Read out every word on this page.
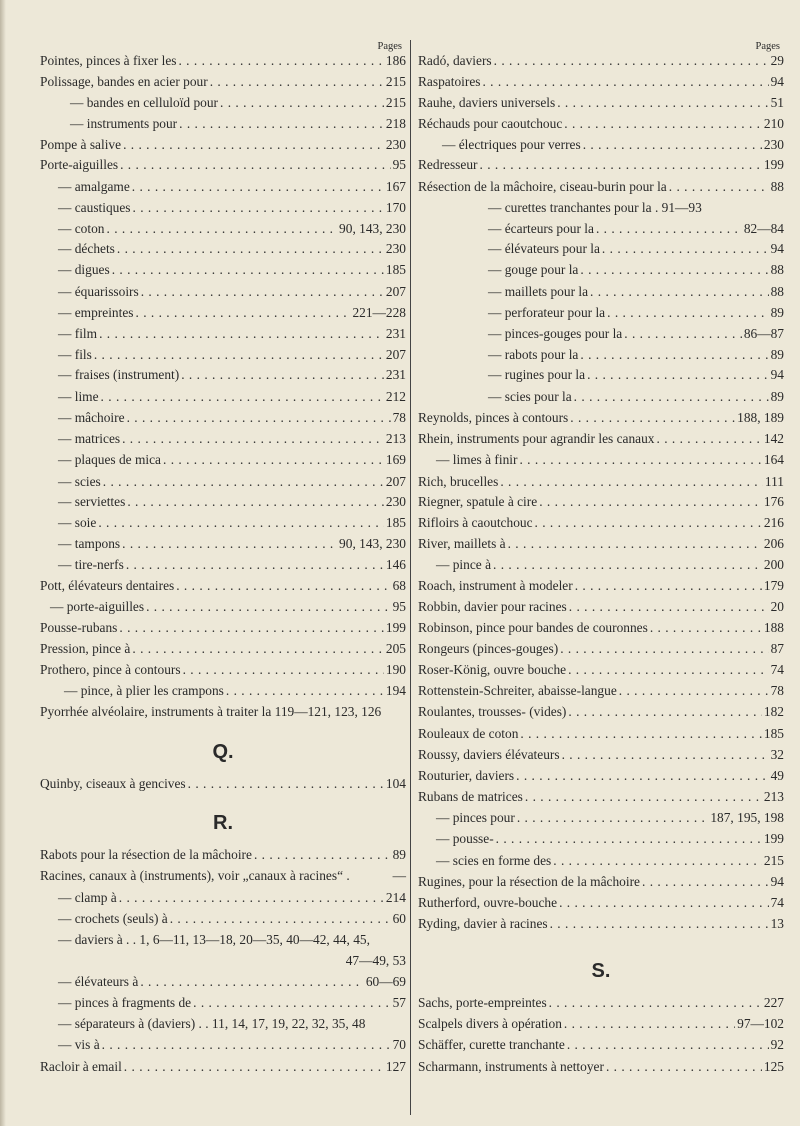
Pages
Pointes, pinces à fixer les . . .	186
Polissage, bandes en acier pour . . .	215
— bandes en celluloïd pour . . .	215
— instruments pour . . .	218
Pompe à salive . . .	230
Porte-aiguilles . . .	95
— amalgame . . .	167
— caustiques . . .	170
— coton . . .	90, 143, 230
— déchets . . .	230
— digues . . .	185
— équarissoirs . . .	207
— empreintes . . .	221—228
— film . . .	231
— fils . . .	207
— fraises (instrument) . . .	231
— lime . . .	212
— mâchoire . . .	78
— matrices . . .	213
— plaques de mica . . .	169
— scies . . .	207
— serviettes . . .	230
— soie . . .	185
— tampons . . .	90, 143, 230
— tire-nerfs . . .	146
Pott, élévateurs dentaires . . .	68
— porte-aiguilles . . .	95
Pousse-rubans . . .	199
Pression, pince à . . .	205
Prothero, pince à contours . . .	190
— pince, à plier les crampons . . .	194
Pyorrhée alvéolaire, instruments à traiter la 119—121, 123, 126
Quinby, ciseaux à gencives . . .	104
Rabots pour la résection de la mâchoire . . .	89
Racines, canaux à (instruments), voir „canaux à racines“ .	—
— clamp à . . .	214
— crochets (seuls) à . . .	60
— daviers à . . 1, 6—11, 13—18, 20—35, 40—42, 44, 45,
47—49, 53
— élévateurs à . . .	60—69
— pinces à fragments de . . .	57
— séparateurs à (daviers) . . 11, 14, 17, 19, 22, 32, 35, 48
— vis à . . .	70
Racloir à email . . .	127
Q.
R.
Pages
Radó, daviers . . .	29
Raspatoires . . .	94
Rauhe, daviers universels . . .	51
Réchauds pour caoutchouc . . .	210
— électriques pour verres . . .	230
Redresseur . . .	199
Résection de la mâchoire, ciseau-burin pour la . . .	88
— curettes tranchantes pour la . 91—93
— écarteurs pour la . . .	82—84
— élévateurs pour la . . .	94
— gouge pour la . . .	88
— maillets pour la . . .	88
— perforateur pour la . . .	89
— pinces-gouges pour la . . .	86—87
— rabots pour la . . .	89
— rugines pour la . . .	94
— scies pour la . . .	89
Reynolds, pinces à contours . . .	188, 189
Rhein, instruments pour agrandir les canaux . . .	142
— limes à finir . . .	164
Rich, brucelles . . .	111
Riegner, spatule à cire . . .	176
Rifloirs à caoutchouc . . .	216
River, maillets à . . .	206
— pince à . . .	200
Roach, instrument à modeler . . .	179
Robbin, davier pour racines . . .	20
Robinson, pince pour bandes de couronnes . . .	188
Rongeurs (pinces-gouges) . . .	87
Roser-König, ouvre bouche . . .	74
Rottenstein-Schreiter, abaisse-langue . . .	78
Roulantes, trousses- (vides) . . .	182
Rouleaux de coton . . .	185
Roussy, daviers élévateurs . . .	32
Routurier, daviers . . .	49
Rubans de matrices . . .	213
— pinces pour . . .	187, 195, 198
— pousse- . . .	199
— scies en forme des . . .	215
Rugines, pour la résection de la mâchoire . . .	94
Rutherford, ouvre-bouche . . .	74
Ryding, davier à racines . . .	13
Sachs, porte-empreintes . . .	227
Scalpels divers à opération . . .	97—102
Schäffer, curette tranchante . . .	92
Scharmann, instruments à nettoyer . . .	125
S.
